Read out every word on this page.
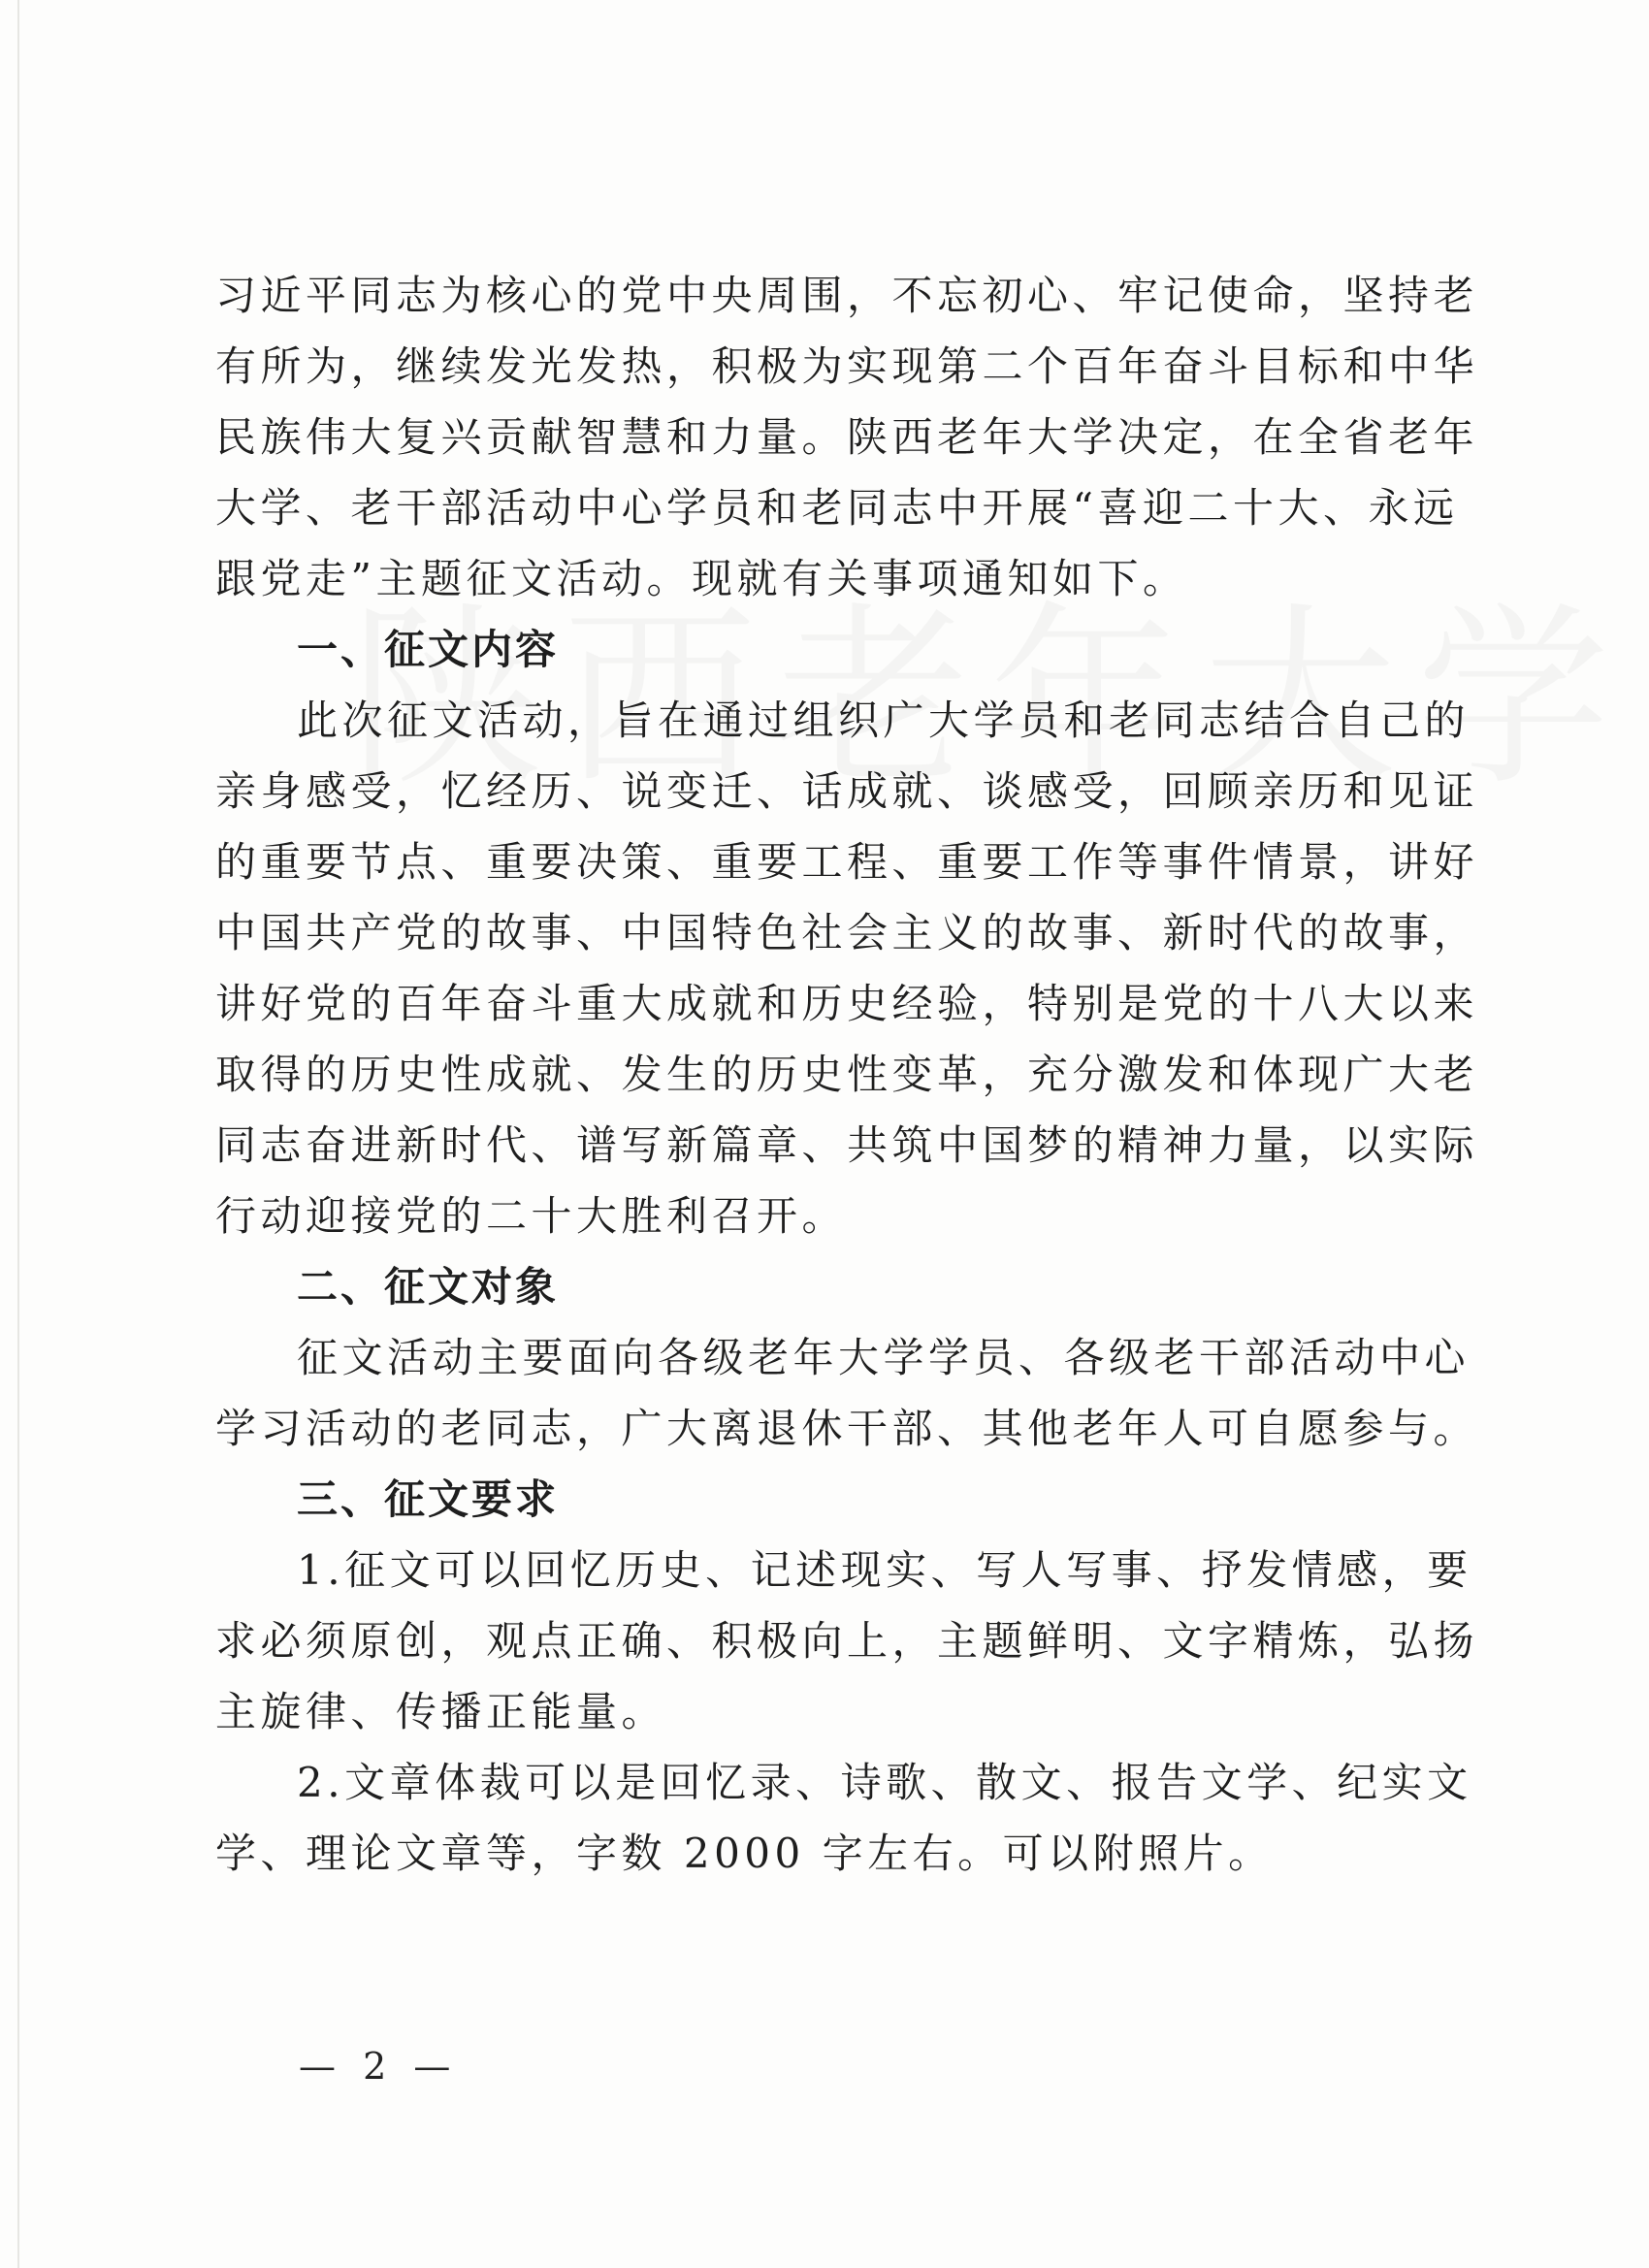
习近平同志为核心的党中央周围，不忘初心、牢记使命，坚持老
有所为，继续发光发热，积极为实现第二个百年奋斗目标和中华
民族伟大复兴贡献智慧和力量。陕西老年大学决定，在全省老年
大学、老干部活动中心学员和老同志中开展“喜迎二十大、永远
跟党走”主题征文活动。现就有关事项通知如下。
一、征文内容
此次征文活动，旨在通过组织广大学员和老同志结合自己的
亲身感受，忆经历、说变迁、话成就、谈感受，回顾亲历和见证
的重要节点、重要决策、重要工程、重要工作等事件情景，讲好
中国共产党的故事、中国特色社会主义的故事、新时代的故事，
讲好党的百年奋斗重大成就和历史经验，特别是党的十八大以来
取得的历史性成就、发生的历史性变革，充分激发和体现广大老
同志奋进新时代、谱写新篇章、共筑中国梦的精神力量，以实际
行动迎接党的二十大胜利召开。
二、征文对象
征文活动主要面向各级老年大学学员、各级老干部活动中心
学习活动的老同志，广大离退休干部、其他老年人可自愿参与。
三、征文要求
1.征文可以回忆历史、记述现实、写人写事、抒发情感，要
求必须原创，观点正确、积极向上，主题鲜明、文字精炼，弘扬
主旋律、传播正能量。
2.文章体裁可以是回忆录、诗歌、散文、报告文学、纪实文
学、理论文章等，字数 2000 字左右。可以附照片。
— 2 —
